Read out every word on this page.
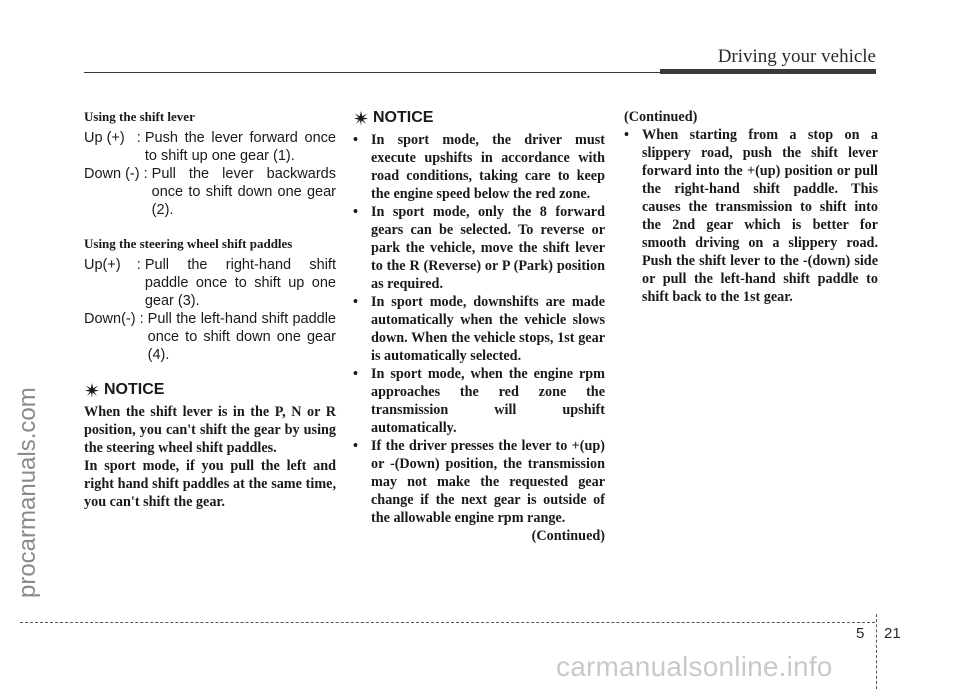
procarmanuals.com
Driving your vehicle

Using the shift lever

Up (+)   : Push the lever forward once to shift up one gear (1).
Down (-) : Pull the lever backwards once to shift down one gear (2).

Using the steering wheel shift paddles

Up(+)    : Pull the right-hand shift paddle once to shift up one gear (3).
Down(-) : Pull the left-hand shift paddle once to shift down one gear (4).
NOTICE

When the shift lever is in the P, N or R position, you can't shift the gear by using the steering wheel shift paddles.

In sport mode, if you pull the left and right hand shift paddles at the same time, you can't shift the gear.

NOTICE
• In sport mode, the driver must execute upshifts in accordance with road conditions, taking care to keep the engine speed below the red zone.
• In sport mode, only the 8 forward gears can be selected. To reverse or park the vehicle, move the shift lever to the R (Reverse) or P (Park) position as required.
• In sport mode, downshifts are made automatically when the vehicle slows down. When the vehicle stops, 1st gear is automatically selected.
• In sport mode, when the engine rpm approaches the red zone the transmission will upshift automatically.
• If the driver presses the lever to +(up) or -(Down) position, the transmission may not make the requested gear change if the next gear is outside of the allowable engine rpm range.
(Continued)
(Continued)
• When starting from a stop on a slippery road, push the shift lever forward into the +(up) position or pull the right-hand shift paddle. This causes the transmission to shift into the 2nd gear which is better for smooth driving on a slippery road. Push the shift lever to the -(down) side or pull the left-hand shift paddle to shift back to the 1st gear.
5 21
carmanualsonline.info
